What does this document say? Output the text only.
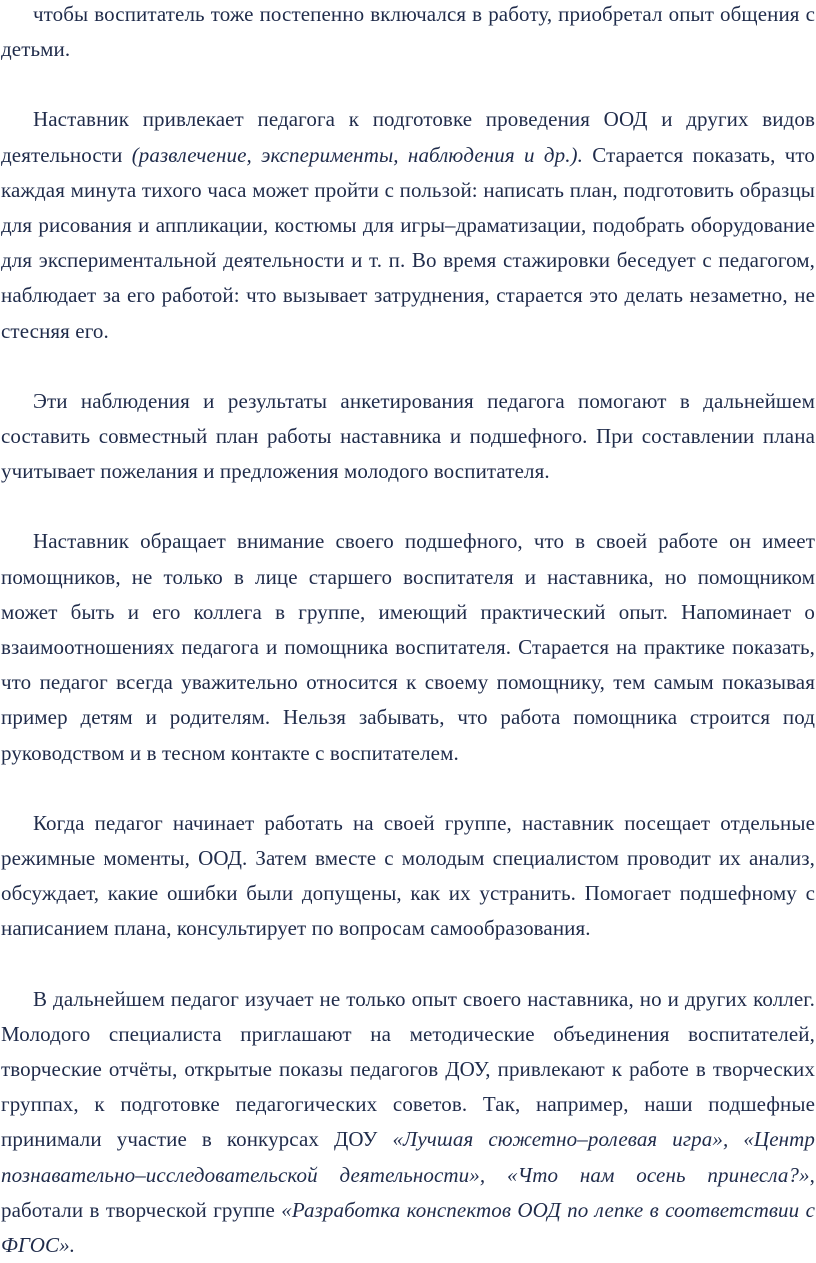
чтобы воспитатель тоже постепенно включался в работу, приобретал опыт общения с детьми.

Наставник привлекает педагога к подготовке проведения ООД и других видов деятельности (развлечение, эксперименты, наблюдения и др.). Старается показать, что каждая минута тихого часа может пройти с пользой: написать план, подготовить образцы для рисования и аппликации, костюмы для игры–драматизации, подобрать оборудование для экспериментальной деятельности и т. п. Во время стажировки беседует с педагогом, наблюдает за его работой: что вызывает затруднения, старается это делать незаметно, не стесняя его.

Эти наблюдения и результаты анкетирования педагога помогают в дальнейшем составить совместный план работы наставника и подшефного. При составлении плана учитывает пожелания и предложения молодого воспитателя.

Наставник обращает внимание своего подшефного, что в своей работе он имеет помощников, не только в лице старшего воспитателя и наставника, но помощником может быть и его коллега в группе, имеющий практический опыт. Напоминает о взаимоотношениях педагога и помощника воспитателя. Старается на практике показать, что педагог всегда уважительно относится к своему помощнику, тем самым показывая пример детям и родителям. Нельзя забывать, что работа помощника строится под руководством и в тесном контакте с воспитателем.

Когда педагог начинает работать на своей группе, наставник посещает отдельные режимные моменты, ООД. Затем вместе с молодым специалистом проводит их анализ, обсуждает, какие ошибки были допущены, как их устранить. Помогает подшефному с написанием плана, консультирует по вопросам самообразования.

В дальнейшем педагог изучает не только опыт своего наставника, но и других коллег. Молодого специалиста приглашают на методические объединения воспитателей, творческие отчёты, открытые показы педагогов ДОУ, привлекают к работе в творческих группах, к подготовке педагогических советов. Так, например, наши подшефные принимали участие в конкурсах ДОУ «Лучшая сюжетно–ролевая игра», «Центр познавательно–исследовательской деятельности», «Что нам осень принесла?», работали в творческой группе «Разработка конспектов ООД по лепке в соответствии с ФГОС».
